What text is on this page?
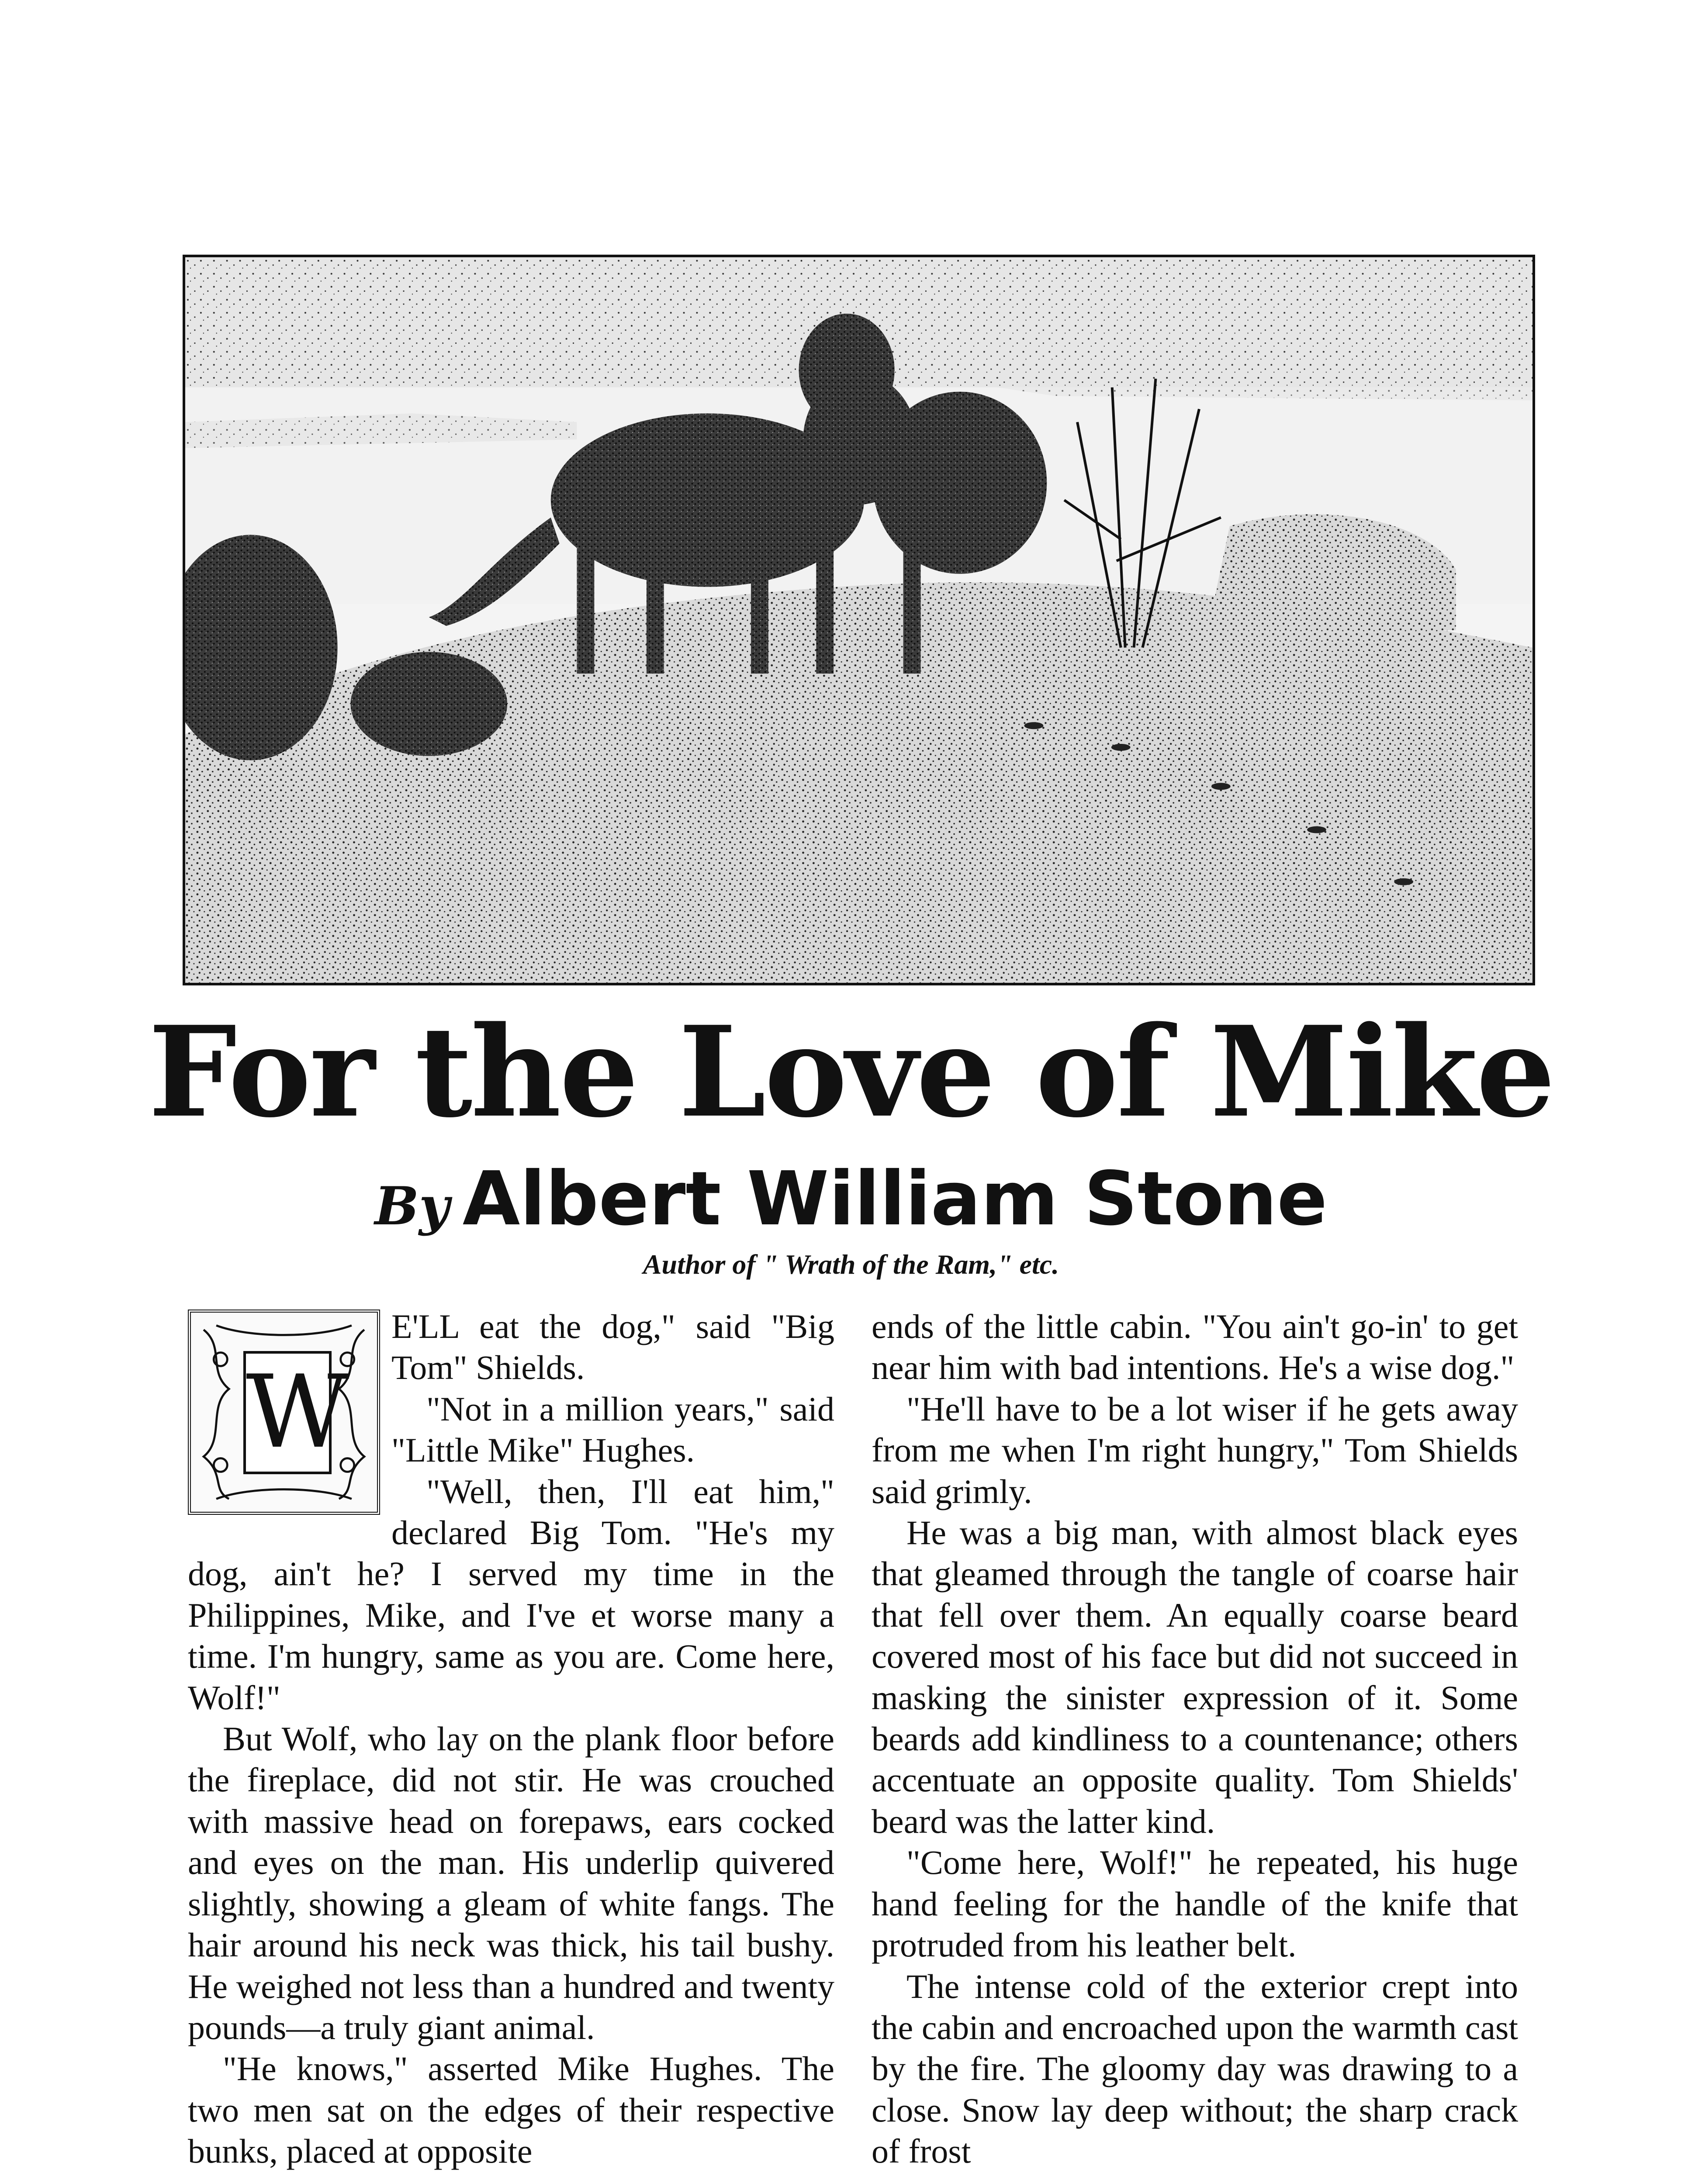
For the Love of Mike
By Albert William Stone
Author of " Wrath of the Ram," etc.
W

E'LL eat the dog," said "Big Tom" Shields.

"Not in a million years," said "Little Mike" Hughes.

"Well, then, I'll eat him," declared Big Tom. "He's my dog, ain't he? I served my time in the Philippines, Mike, and I've et worse many a time. I'm hungry, same as you are. Come here, Wolf!"

But Wolf, who lay on the plank floor before the fireplace, did not stir. He was crouched with massive head on forepaws, ears cocked and eyes on the man. His underlip quivered slightly, showing a gleam of white fangs. The hair around his neck was thick, his tail bushy. He weighed not less than a hundred and twenty pounds—a truly giant animal.

"He knows," asserted Mike Hughes. The two men sat on the edges of their respective bunks, placed at opposite

ends of the little cabin. "You ain't go-in' to get near him with bad intentions. He's a wise dog."

"He'll have to be a lot wiser if he gets away from me when I'm right hungry," Tom Shields said grimly.

He was a big man, with almost black eyes that gleamed through the tangle of coarse hair that fell over them. An equally coarse beard covered most of his face but did not succeed in masking the sinister expression of it. Some beards add kindliness to a countenance; others accentuate an opposite quality. Tom Shields' beard was the latter kind.

"Come here, Wolf!" he repeated, his huge hand feeling for the handle of the knife that protruded from his leather belt.

The intense cold of the exterior crept into the cabin and encroached upon the warmth cast by the fire. The gloomy day was drawing to a close. Snow lay deep without; the sharp crack of frost
